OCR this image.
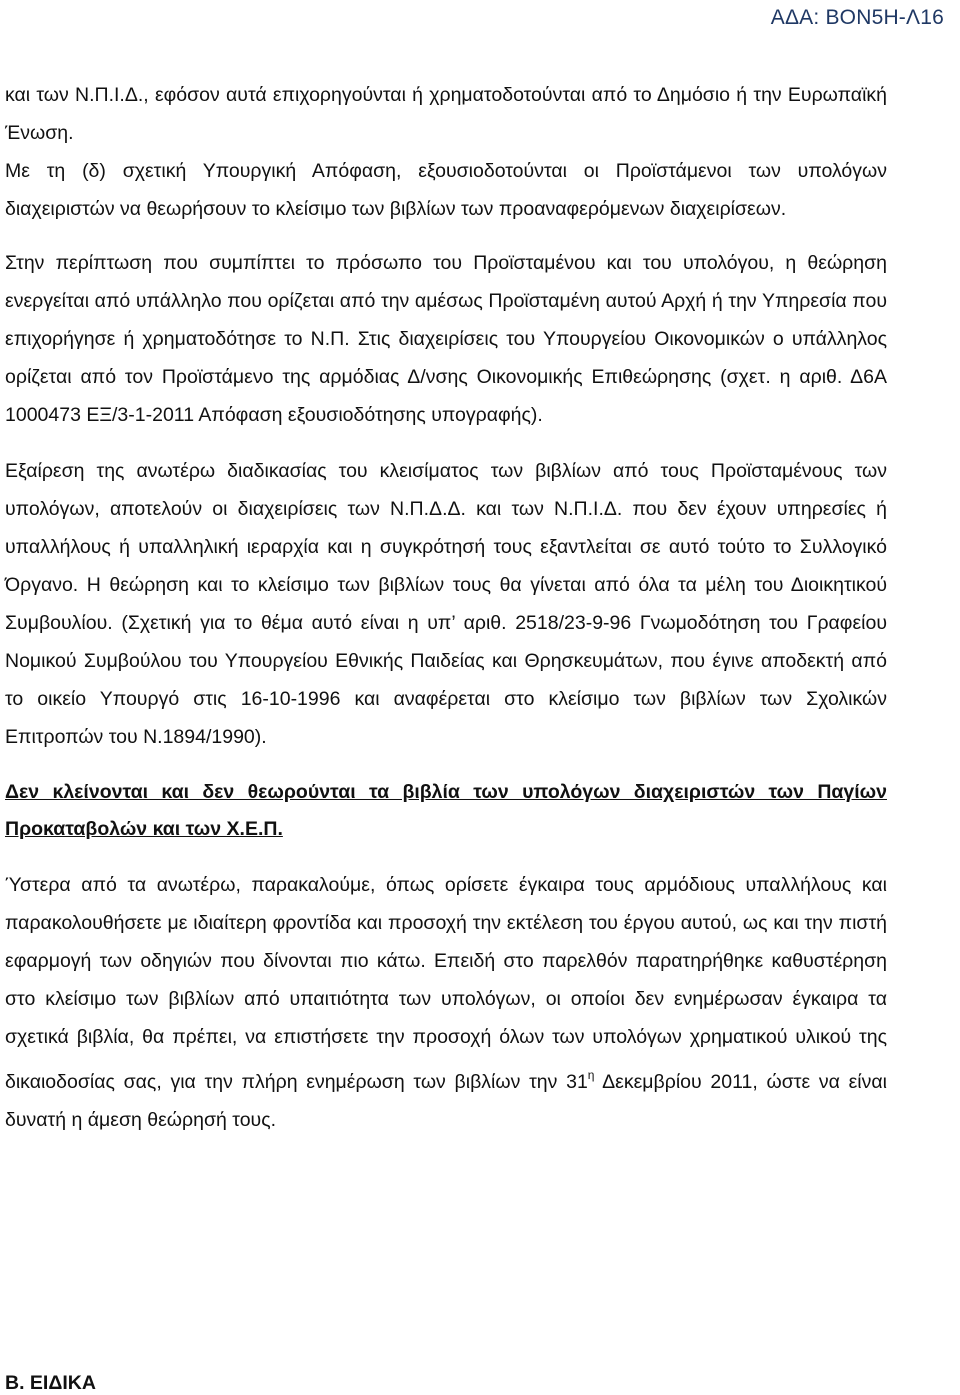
ΑΔΑ: ΒΟΝ5Η-Λ16

και των Ν.Π.Ι.Δ., εφόσον αυτά επιχορηγούνται ή χρηματοδοτούνται από το Δημόσιο ή την Ευρωπαϊκή Ένωση.

Με τη (δ) σχετική Υπουργική Απόφαση, εξουσιοδοτούνται οι Προϊστάμενοι των υπολόγων διαχειριστών να θεωρήσουν το κλείσιμο των βιβλίων των προαναφερόμενων διαχειρίσεων.

Στην περίπτωση που συμπίπτει το πρόσωπο του Προϊσταμένου και του υπολόγου, η θεώρηση ενεργείται από υπάλληλο που ορίζεται από την αμέσως Προϊσταμένη αυτού Αρχή ή την Υπηρεσία που επιχορήγησε ή χρηματοδότησε το Ν.Π. Στις διαχειρίσεις του Υπουργείου Οικονομικών ο υπάλληλος ορίζεται από τον Προϊστάμενο της αρμόδιας Δ/νσης Οικονομικής Επιθεώρησης (σχετ. η αριθ. Δ6Α 1000473 ΕΞ/3-1-2011 Απόφαση εξουσιοδότησης υπογραφής).

Εξαίρεση της ανωτέρω διαδικασίας του κλεισίματος των βιβλίων από τους Προϊσταμένους των υπολόγων, αποτελούν οι διαχειρίσεις των Ν.Π.Δ.Δ. και των Ν.Π.Ι.Δ. που δεν έχουν υπηρεσίες ή υπαλλήλους ή υπαλληλική ιεραρχία και η συγκρότησή τους εξαντλείται σε αυτό τούτο το Συλλογικό Όργανο. Η θεώρηση και το κλείσιμο των βιβλίων τους θα γίνεται από όλα τα μέλη του Διοικητικού Συμβουλίου. (Σχετική για το θέμα αυτό είναι η υπ’ αριθ. 2518/23-9-96 Γνωμοδότηση του Γραφείου Νομικού Συμβούλου του Υπουργείου Εθνικής Παιδείας και Θρησκευμάτων, που έγινε αποδεκτή από το οικείο Υπουργό στις 16-10-1996 και αναφέρεται στο κλείσιμο των βιβλίων των Σχολικών Επιτροπών του Ν.1894/1990).

Δεν κλείνονται και δεν θεωρούνται τα βιβλία των υπολόγων διαχειριστών των Παγίων Προκαταβολών και των Χ.Ε.Π.

Ύστερα από τα ανωτέρω, παρακαλούμε, όπως ορίσετε έγκαιρα τους αρμόδιους υπαλλήλους και παρακολουθήσετε με ιδιαίτερη φροντίδα και προσοχή την εκτέλεση του έργου αυτού, ως και την πιστή εφαρμογή των οδηγιών που δίνονται πιο κάτω. Επειδή στο παρελθόν παρατηρήθηκε καθυστέρηση στο κλείσιμο των βιβλίων από υπαιτιότητα των υπολόγων, οι οποίοι δεν ενημέρωσαν έγκαιρα τα σχετικά βιβλία, θα πρέπει, να επιστήσετε την προσοχή όλων των υπολόγων χρηματικού υλικού της δικαιοδοσίας σας, για την πλήρη ενημέρωση των βιβλίων την $31^\eta$ Δεκεμβρίου 2011, ώστε να είναι δυνατή η άμεση θεώρησή τους.

Β. ΕΙΔΙΚΑ
